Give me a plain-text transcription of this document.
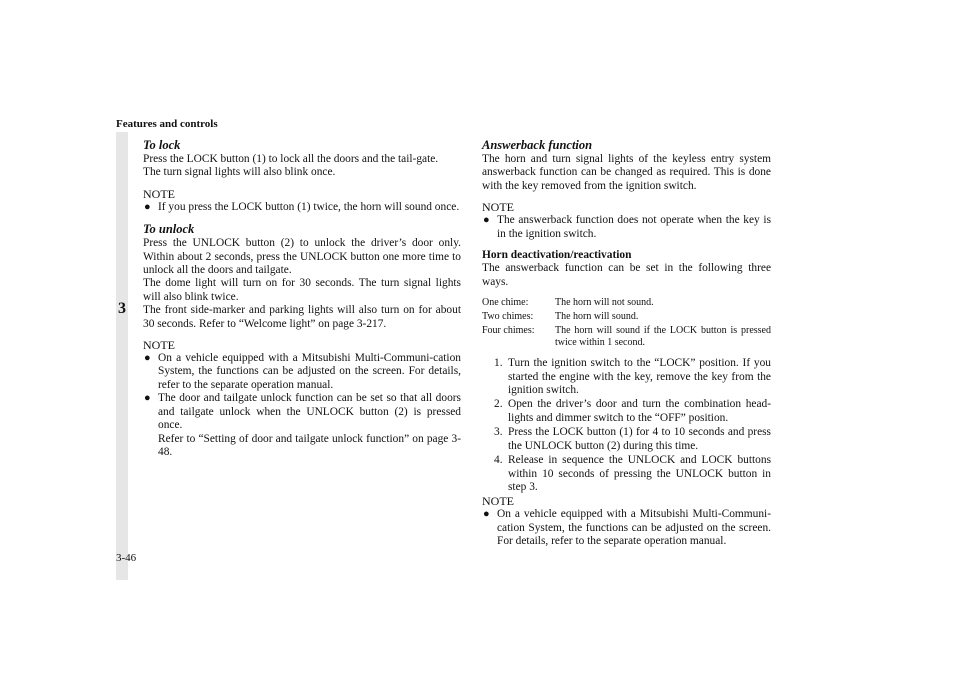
Features and controls
3
To lock

Press the LOCK button (1) to lock all the doors and the tail-gate.

The turn signal lights will also blink once.

NOTE
● If you press the LOCK button (1) twice, the horn will sound once.
To unlock

Press the UNLOCK button (2) to unlock the driver’s door only. Within about 2 seconds, press the UNLOCK button one more time to unlock all the doors and tailgate.

The dome light will turn on for 30 seconds. The turn signal lights will also blink twice.

The front side-marker and parking lights will also turn on for about 30 seconds. Refer to “Welcome light” on page 3-217.

NOTE
● On a vehicle equipped with a Mitsubishi Multi-Communi-cation System, the functions can be adjusted on the screen. For details, refer to the separate operation manual.
● The door and tailgate unlock function can be set so that all doors and tailgate unlock when the UNLOCK button (2) is pressed once.

Refer to “Setting of door and tailgate unlock function” on page 3-48.

Answerback function

The horn and turn signal lights of the keyless entry system answerback function can be changed as required. This is done with the key removed from the ignition switch.

NOTE
● The answerback function does not operate when the key is in the ignition switch.
Horn deactivation/reactivation

The answerback function can be set in the following three ways.

One chime:	The horn will not sound.
Two chimes:	The horn will sound.
Four chimes:	The horn will sound if the LOCK button is pressed twice within 1 second.
1. Turn the ignition switch to the “LOCK” position. If you started the engine with the key, remove the key from the ignition switch.
2. Open the driver’s door and turn the combination head-lights and dimmer switch to the “OFF” position.
3. Press the LOCK button (1) for 4 to 10 seconds and press the UNLOCK button (2) during this time.
4. Release in sequence the UNLOCK and LOCK buttons within 10 seconds of pressing the UNLOCK button in step 3.
NOTE
● On a vehicle equipped with a Mitsubishi Multi-Communi-cation System, the functions can be adjusted on the screen. For details, refer to the separate operation manual.
3-46
